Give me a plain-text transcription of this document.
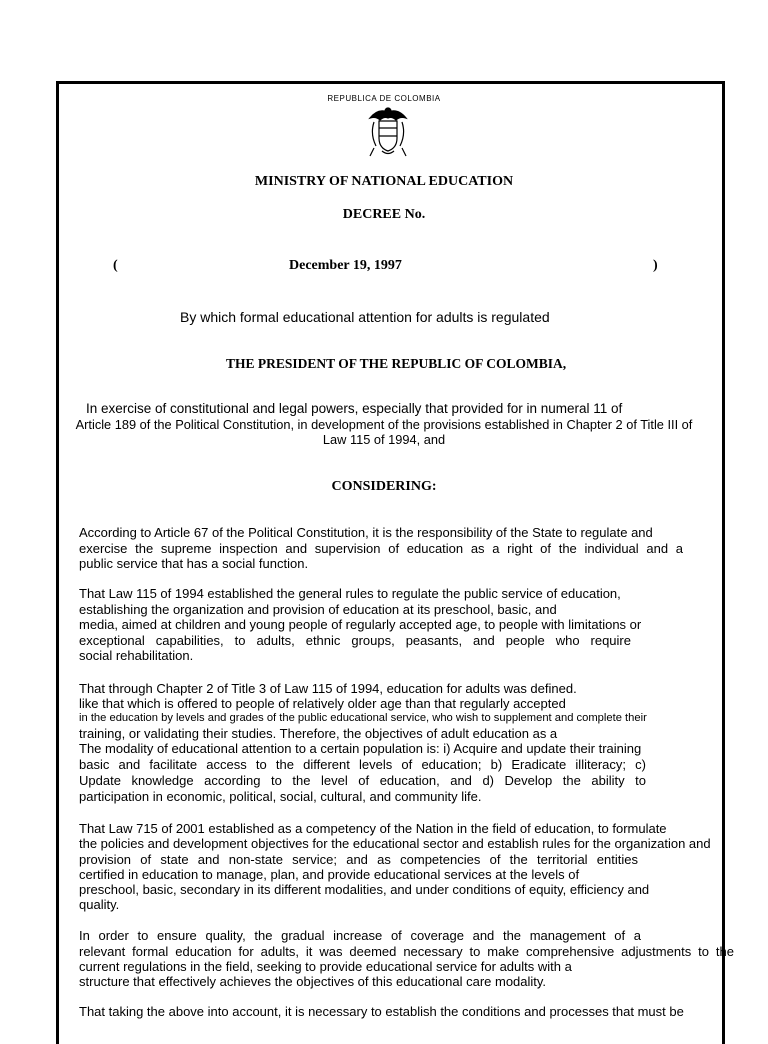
REPUBLICA DE COLOMBIA
MINISTRY OF NATIONAL EDUCATION
DECREE No.
(	December 19, 1997	)
By which formal educational attention for adults is regulated
THE PRESIDENT OF THE REPUBLIC OF COLOMBIA,
In exercise of constitutional and legal powers, especially that provided for in numeral 11 of
Article 189 of the Political Constitution, in development of the provisions established in Chapter 2 of Title III of
Law 115 of 1994, and
CONSIDERING:
According to Article 67 of the Political Constitution, it is the responsibility of the State to regulate and
exercise the supreme inspection and supervision of education as a right of the individual and a
public service that has a social function.
That Law 115 of 1994 established the general rules to regulate the public service of education,
establishing the organization and provision of education at its preschool, basic, and
media, aimed at children and young people of regularly accepted age, to people with limitations or
exceptional capabilities, to adults, ethnic groups, peasants, and people who require
social rehabilitation.
That through Chapter 2 of Title 3 of Law 115 of 1994, education for adults was defined.
like that which is offered to people of relatively older age than that regularly accepted
in the education by levels and grades of the public educational service, who wish to supplement and complete their
training, or validating their studies. Therefore, the objectives of adult education as a
The modality of educational attention to a certain population is: i) Acquire and update their training
basic and facilitate access to the different levels of education; b) Eradicate illiteracy; c)
Update knowledge according to the level of education, and d) Develop the ability to
participation in economic, political, social, cultural, and community life.
That Law 715 of 2001 established as a competency of the Nation in the field of education, to formulate
the policies and development objectives for the educational sector and establish rules for the organization and
provision of state and non-state service; and as competencies of the territorial entities
certified in education to manage, plan, and provide educational services at the levels of
preschool, basic, secondary in its different modalities, and under conditions of equity, efficiency and
quality.
In order to ensure quality, the gradual increase of coverage and the management of a
relevant formal education for adults, it was deemed necessary to make comprehensive adjustments to the
current regulations in the field, seeking to provide educational service for adults with a
structure that effectively achieves the objectives of this educational care modality.
That taking the above into account, it is necessary to establish the conditions and processes that must be
